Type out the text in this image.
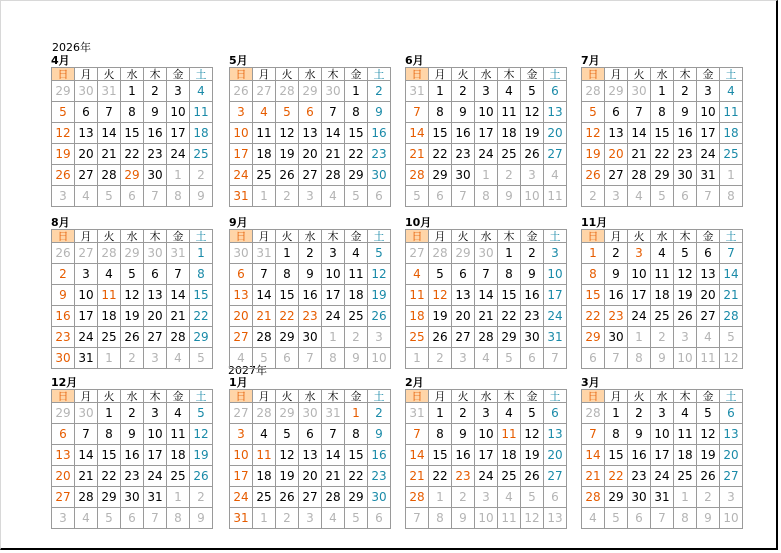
2026年
2027年
4月
日	月	火	水	木	金	土
29	30	31	1	2	3	4
5	6	7	8	9	10	11
12	13	14	15	16	17	18
19	20	21	22	23	24	25
26	27	28	29	30	1	2
3	4	5	6	7	8	9
5月
日	月	火	水	木	金	土
26	27	28	29	30	1	2
3	4	5	6	7	8	9
10	11	12	13	14	15	16
17	18	19	20	21	22	23
24	25	26	27	28	29	30
31	1	2	3	4	5	6
6月
日	月	火	水	木	金	土
31	1	2	3	4	5	6
7	8	9	10	11	12	13
14	15	16	17	18	19	20
21	22	23	24	25	26	27
28	29	30	1	2	3	4
5	6	7	8	9	10	11
7月
日	月	火	水	木	金	土
28	29	30	1	2	3	4
5	6	7	8	9	10	11
12	13	14	15	16	17	18
19	20	21	22	23	24	25
26	27	28	29	30	31	1
2	3	4	5	6	7	8
8月
日	月	火	水	木	金	土
26	27	28	29	30	31	1
2	3	4	5	6	7	8
9	10	11	12	13	14	15
16	17	18	19	20	21	22
23	24	25	26	27	28	29
30	31	1	2	3	4	5
9月
日	月	火	水	木	金	土
30	31	1	2	3	4	5
6	7	8	9	10	11	12
13	14	15	16	17	18	19
20	21	22	23	24	25	26
27	28	29	30	1	2	3
4	5	6	7	8	9	10
10月
日	月	火	水	木	金	土
27	28	29	30	1	2	3
4	5	6	7	8	9	10
11	12	13	14	15	16	17
18	19	20	21	22	23	24
25	26	27	28	29	30	31
1	2	3	4	5	6	7
11月
日	月	火	水	木	金	土
1	2	3	4	5	6	7
8	9	10	11	12	13	14
15	16	17	18	19	20	21
22	23	24	25	26	27	28
29	30	1	2	3	4	5
6	7	8	9	10	11	12
12月
日	月	火	水	木	金	土
29	30	1	2	3	4	5
6	7	8	9	10	11	12
13	14	15	16	17	18	19
20	21	22	23	24	25	26
27	28	29	30	31	1	2
3	4	5	6	7	8	9
1月
日	月	火	水	木	金	土
27	28	29	30	31	1	2
3	4	5	6	7	8	9
10	11	12	13	14	15	16
17	18	19	20	21	22	23
24	25	26	27	28	29	30
31	1	2	3	4	5	6
2月
日	月	火	水	木	金	土
31	1	2	3	4	5	6
7	8	9	10	11	12	13
14	15	16	17	18	19	20
21	22	23	24	25	26	27
28	1	2	3	4	5	6
7	8	9	10	11	12	13
3月
日	月	火	水	木	金	土
28	1	2	3	4	5	6
7	8	9	10	11	12	13
14	15	16	17	18	19	20
21	22	23	24	25	26	27
28	29	30	31	1	2	3
4	5	6	7	8	9	10
